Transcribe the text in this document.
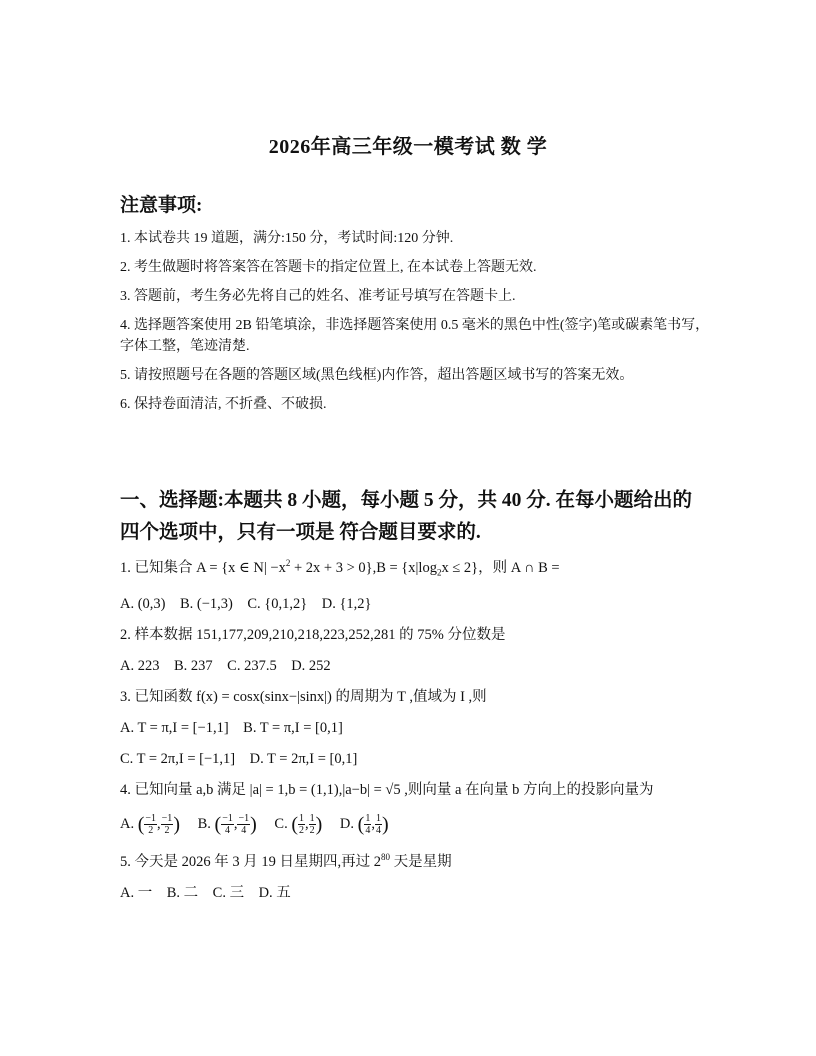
2026年高三年级一模考试 数 学
注意事项:
1. 本试卷共 19 道题，满分:150 分，考试时间:120 分钟.
2. 考生做题时将答案答在答题卡的指定位置上, 在本试卷上答题无效.
3. 答题前，考生务必先将自己的姓名、准考证号填写在答题卡上.
4. 选择题答案使用 2B 铅笔填涂，非选择题答案使用 0.5 毫米的黑色中性(签字)笔或碳素笔书写，字体工整，笔迹清楚.
5. 请按照题号在各题的答题区域(黑色线框)内作答，超出答题区域书写的答案无效。
6. 保持卷面清洁, 不折叠、不破损.
一、选择题:本题共 8 小题，每小题 5 分，共 40 分. 在每小题给出的四个选项中，只有一项是 符合题目要求的.
1. 已知集合 A = {x ∈ $N| -x^2 + 2x + 3 > 0\},B = \{x|\log_2x \le 2\}$，则 A ∩ B =
A. (0,3)    B. (−1,3)    C. {0,1,2}    D. {1,2}
2. 样本数据 151,177,209,210,218,223,252,281 的 75% 分位数是
A. 223    B. 237    C. 237.5    D. 252
3. 已知函数 f(x) = cosx(sinx−|sinx|) 的周期为 T ,值域为 I ,则
A. T = π,I = [−1,1]    B. T = π,I = [0,1]
C. T = 2π,I = [−1,1]    D. T = 2π,I = [0,1]
4. 已知向量 a,b 满足 |a| = 1,b = (1,1),|a−b| = √5 ,则向量 a 在向量 b 方向上的投影向量为
A. ( $\frac{-1}{2}$ , $\frac{-1}{2}$ ) B. ( $\frac{-1}{4}$ , $\frac{-1}{4}$ ) C. ( $\frac{1}{2}$ , $\frac{1}{2}$ ) D. ( $\frac{1}{4}$ , $\frac{1}{4}$ )
5. 今天是 2026 年 3 月 19 日星期四,再过 $2^{80}$ 天是星期
A. 一    B. 二    C. 三    D. 五
